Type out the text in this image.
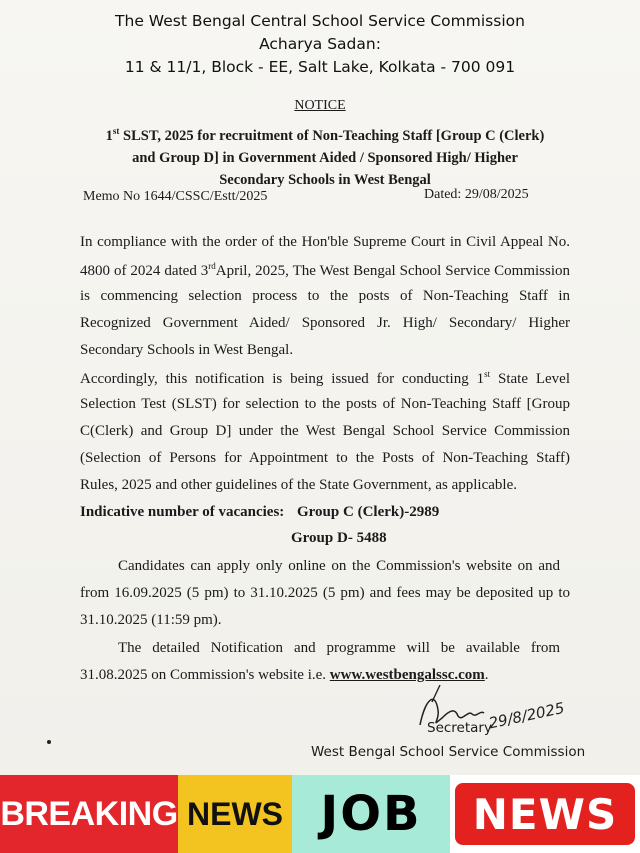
The West Bengal Central School Service Commission
Acharya Sadan:
11 & 11/1, Block - EE, Salt Lake, Kolkata - 700 091
NOTICE
1st SLST, 2025 for recruitment of Non-Teaching Staff [Group C (Clerk)
and Group D] in Government Aided / Sponsored High/ Higher
Secondary Schools in West Bengal
Memo No 1644/CSSC/Estt/2025	Dated: 29/08/2025
In compliance with the order of the Hon'ble Supreme Court in Civil Appeal No.
4800 of 2024 dated 3rdApril, 2025, The West Bengal School Service Commission
is commencing selection process to the posts of Non-Teaching Staff in
Recognized Government Aided/ Sponsored Jr. High/ Secondary/ Higher
Secondary Schools in West Bengal.
Accordingly, this notification is being issued for conducting 1st State Level
Selection Test (SLST) for selection to the posts of Non-Teaching Staff [Group
C(Clerk) and Group D] under the West Bengal School Service Commission
(Selection of Persons for Appointment to the Posts of Non-Teaching Staff)
Rules, 2025 and other guidelines of the State Government, as applicable.
Indicative number of vacancies: Group C (Clerk)-2989
Group D- 5488
Candidates can apply only online on the Commission's website on and
from 16.09.2025 (5 pm) to 31.10.2025 (5 pm) and fees may be deposited up to
31.10.2025 (11:59 pm).
The detailed Notification and programme will be available from
31.08.2025 on Commission's website i.e. www.westbengalssc.com.
29/8/2025
Secretary
West Bengal School Service Commission
BREAKING NEWS JOB	NEWS
